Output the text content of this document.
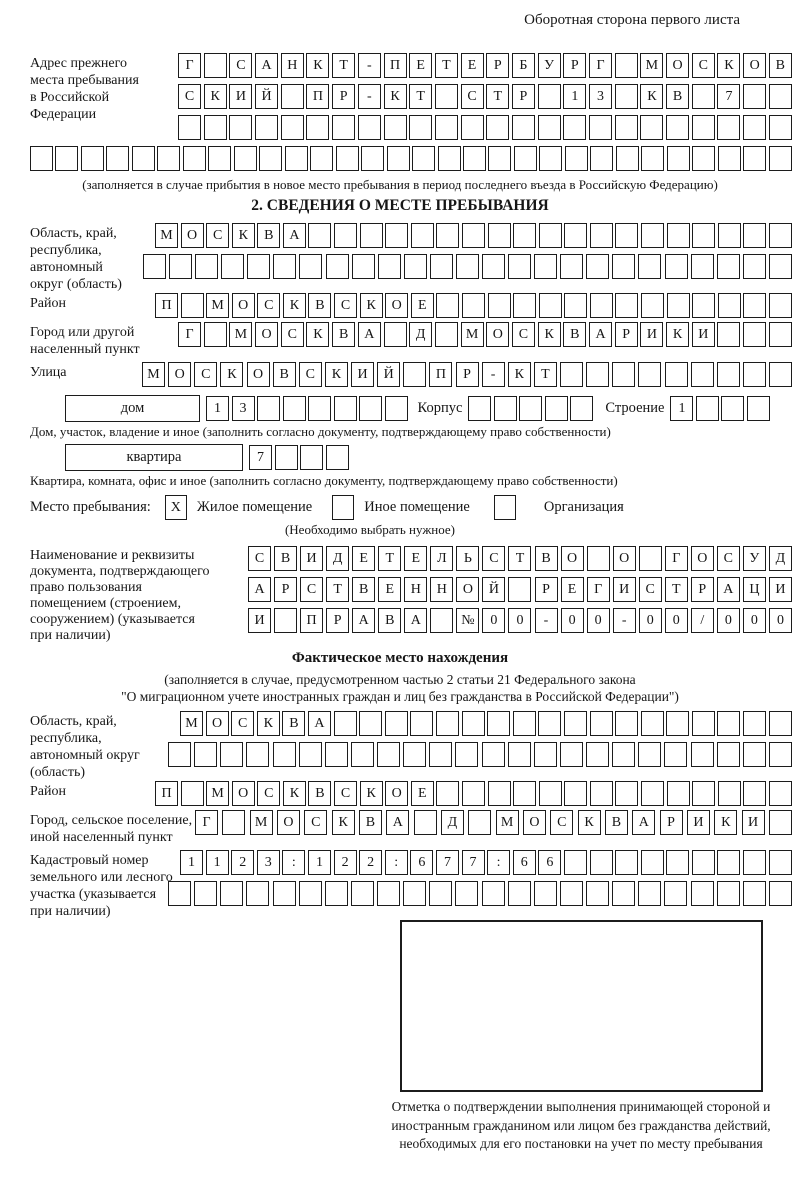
Оборотная сторона первого листа
Адрес прежнего
места пребывания
в Российской
Федерации
Г	С	А	Н	К	Т	-	П	Е	Т	Е	Р	Б	У	Р	Г	М	О	С	К	О	В
С	К	И	Й	П	Р	-	К	Т	С	Т	Р	1	3	К	В	7
(заполняется в случае прибытия в новое место пребывания в период последнего въезда в Российскую Федерацию)
2. СВЕДЕНИЯ О МЕСТЕ ПРЕБЫВАНИЯ
Область, край,
республика,
автономный
округ (область)
М	О	С	К	В	А
Район	П	М	О	С	К	В	С	К	О	Е
Город или другой
населенный пункт
Г	М	О	С	К	В	А	Д	М	О	С	К	В	А	Р	И	К	И
Улица	М	О	С	К	О	В	С	К	И	Й	П	Р	-	К	Т
дом	1	3	Корпус	Строение	1
Дом, участок, владение и иное (заполнить согласно документу, подтверждающему право собственности)
квартира	7
Квартира, комната, офис и иное (заполнить согласно документу, подтверждающему право собственности)
Место пребывания:	X	Жилое помещение	Иное помещение	Организация
(Необходимо выбрать нужное)
Наименование и реквизиты
документа, подтверждающего
право пользования
помещением (строением,
сооружением) (указывается
при наличии)
С	В	И	Д	Е	Т	Е	Л	Ь	С	Т	В	О	О	Г	О	С	У	Д
А	Р	С	Т	В	Е	Н	Н	О	Й	Р	Е	Г	И	С	Т	Р	А	Ц	И
И	П	Р	А	В	А	№	0	0	-	0	0	-	0	0	/	0	0	0
Фактическое место нахождения
(заполняется в случае, предусмотренном частью 2 статьи 21 Федерального закона
"О миграционном учете иностранных граждан и лиц без гражданства в Российской Федерации")
Область, край,
республика,
автономный округ
(область)
М	О	С	К	В	А
Район	П	М	О	С	К	В	С	К	О	Е
Город, сельское поселение,
иной населенный пункт
Г	М	О	С	К	В	А	Д	М	О	С	К	В	А	Р	И	К	И
Кадастровый номер
земельного или лесного
участка (указывается
при наличии)
1	1	2	3	:	1	2	2	:	6	7	7	:	6	6
Отметка о подтверждении выполнения принимающей стороной и иностранным гражданином или лицом без гражданства действий, необходимых для его постановки на учет по месту пребывания
